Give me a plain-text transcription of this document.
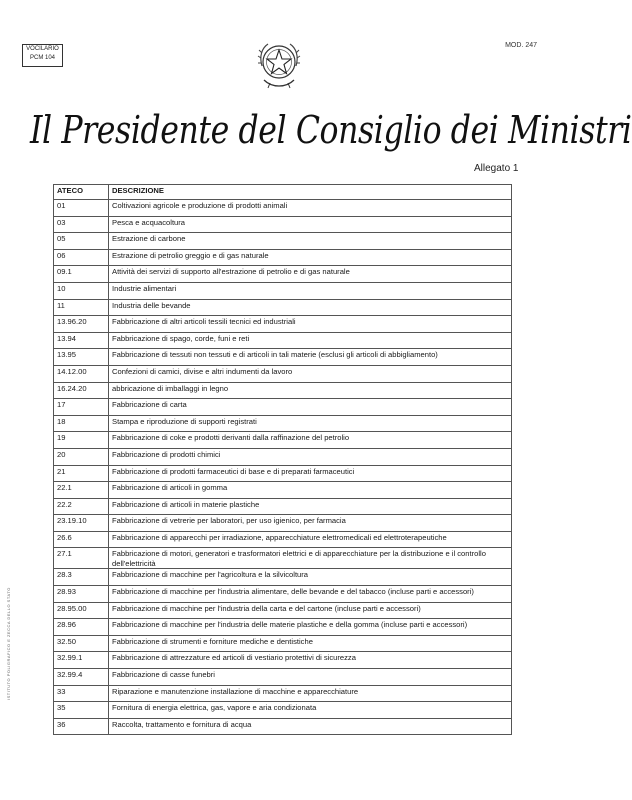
VOCILARIO
PCM 104
MOD. 247
Il Presidente del Consiglio dei Ministri
Allegato 1
ISTITUTO POLIGRAFICO E ZECCA DELLO STATO
ATECO	DESCRIZIONE
01	Coltivazioni agricole e produzione di prodotti animali
03	Pesca e acquacoltura
05	Estrazione di carbone
06	Estrazione di petrolio greggio e di gas naturale
09.1	Attività dei servizi di supporto all'estrazione di petrolio e di gas naturale
10	Industrie alimentari
11	Industria delle bevande
13.96.20	Fabbricazione di altri articoli tessili tecnici ed industriali
13.94	Fabbricazione di spago, corde, funi e reti
13.95	Fabbricazione di tessuti non tessuti e di articoli in tali materie (esclusi gli articoli di abbigliamento)
14.12.00	Confezioni di camici, divise e altri indumenti da lavoro
16.24.20	abbricazione di imballaggi in legno
17	Fabbricazione di carta
18	Stampa e riproduzione di supporti registrati
19	Fabbricazione di coke e prodotti derivanti dalla raffinazione del petrolio
20	Fabbricazione di prodotti chimici
21	Fabbricazione di prodotti farmaceutici di base e di preparati farmaceutici
22.1	Fabbricazione di articoli in gomma
22.2	Fabbricazione di articoli in materie plastiche
23.19.10	Fabbricazione di vetrerie per laboratori, per uso igienico, per farmacia
26.6	Fabbricazione di apparecchi per irradiazione, apparecchiature elettromedicali ed elettroterapeutiche
27.1	Fabbricazione di motori, generatori e trasformatori elettrici e di apparecchiature per la distribuzione e il controllo dell'elettricità
28.3	Fabbricazione di macchine per l'agricoltura e la silvicoltura
28.93	Fabbricazione di macchine per l'industria alimentare, delle bevande e del tabacco (incluse parti e accessori)
28.95.00	Fabbricazione di macchine per l'industria della carta e del cartone (incluse parti e accessori)
28.96	Fabbricazione di macchine per l'industria delle materie plastiche e della gomma (incluse parti e accessori)
32.50	Fabbricazione di strumenti e forniture mediche e dentistiche
32.99.1	Fabbricazione di attrezzature ed articoli di vestiario protettivi di sicurezza
32.99.4	Fabbricazione di casse funebri
33	Riparazione e manutenzione installazione di macchine e apparecchiature
35	Fornitura di energia elettrica, gas, vapore e aria condizionata
36	Raccolta, trattamento e fornitura di acqua
